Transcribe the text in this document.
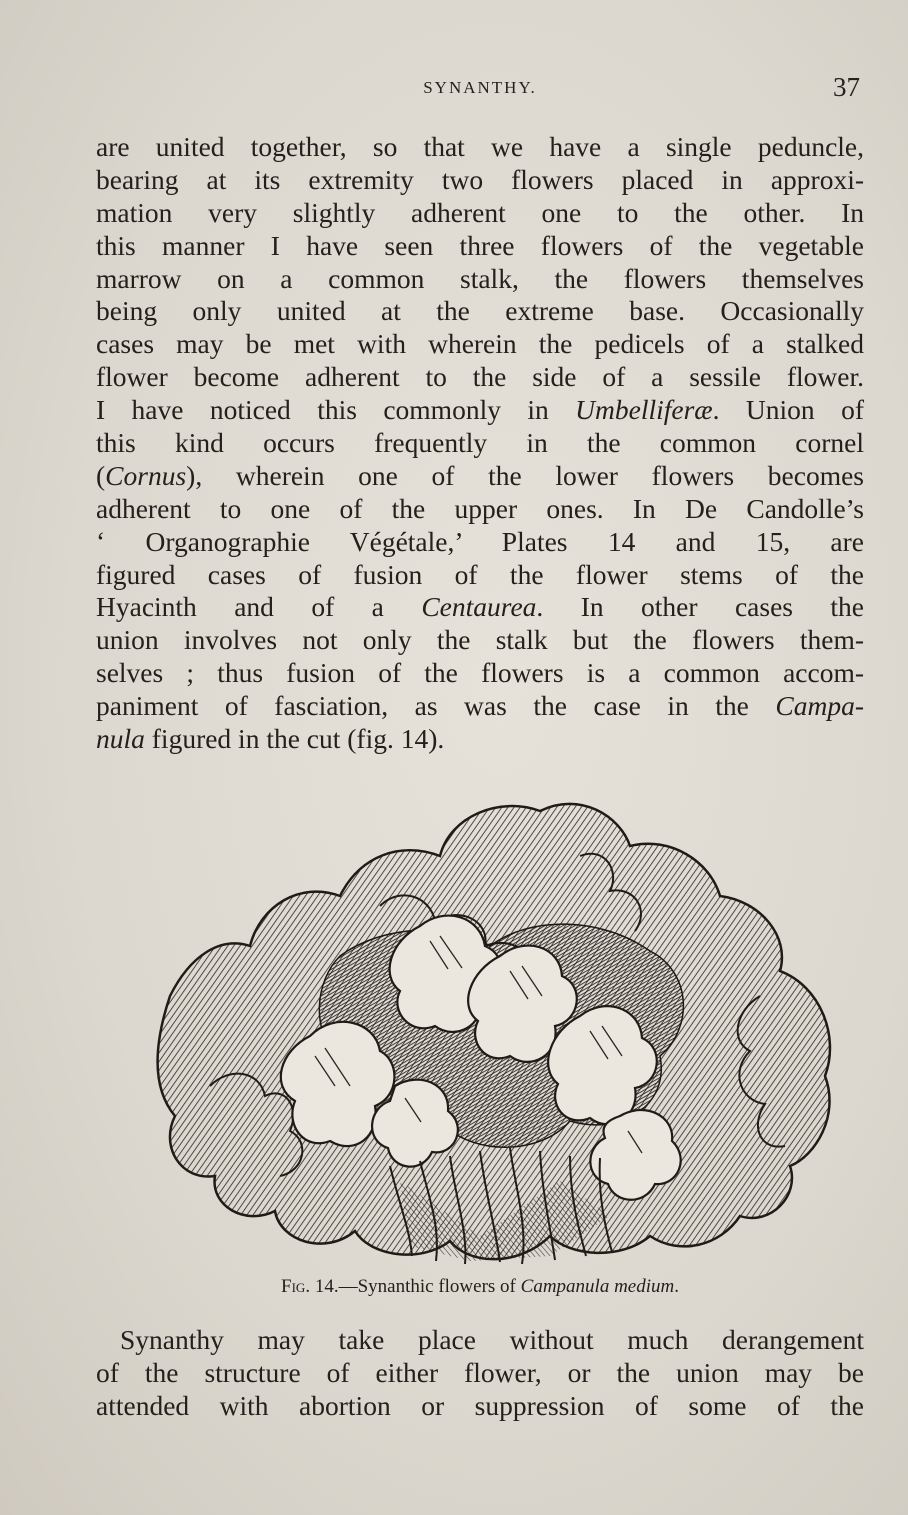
SYNANTHY.	37
are united together, so that we have a single peduncle,
bearing at its extremity two flowers placed in approxi-
mation very slightly adherent one to the other. In
this manner I have seen three flowers of the vegetable
marrow on a common stalk, the flowers themselves
being only united at the extreme base. Occasionally
cases may be met with wherein the pedicels of a stalked
flower become adherent to the side of a sessile flower.
I have noticed this commonly in Umbelliferæ. Union of
this kind occurs frequently in the common cornel
(Cornus), wherein one of the lower flowers becomes
adherent to one of the upper ones. In De Candolle’s
‘ Organographie Végétale,’ Plates 14 and 15, are
figured cases of fusion of the flower stems of the
Hyacinth and of a Centaurea. In other cases the
union involves not only the stalk but the flowers them-
selves ; thus fusion of the flowers is a common accom-
paniment of fasciation, as was the case in the Campa-
nula figured in the cut (fig. 14).
Fig. 14.—Synanthic flowers of Campanula medium.
Synanthy may take place without much derangement
of the structure of either flower, or the union may be
attended with abortion or suppression of some of the
